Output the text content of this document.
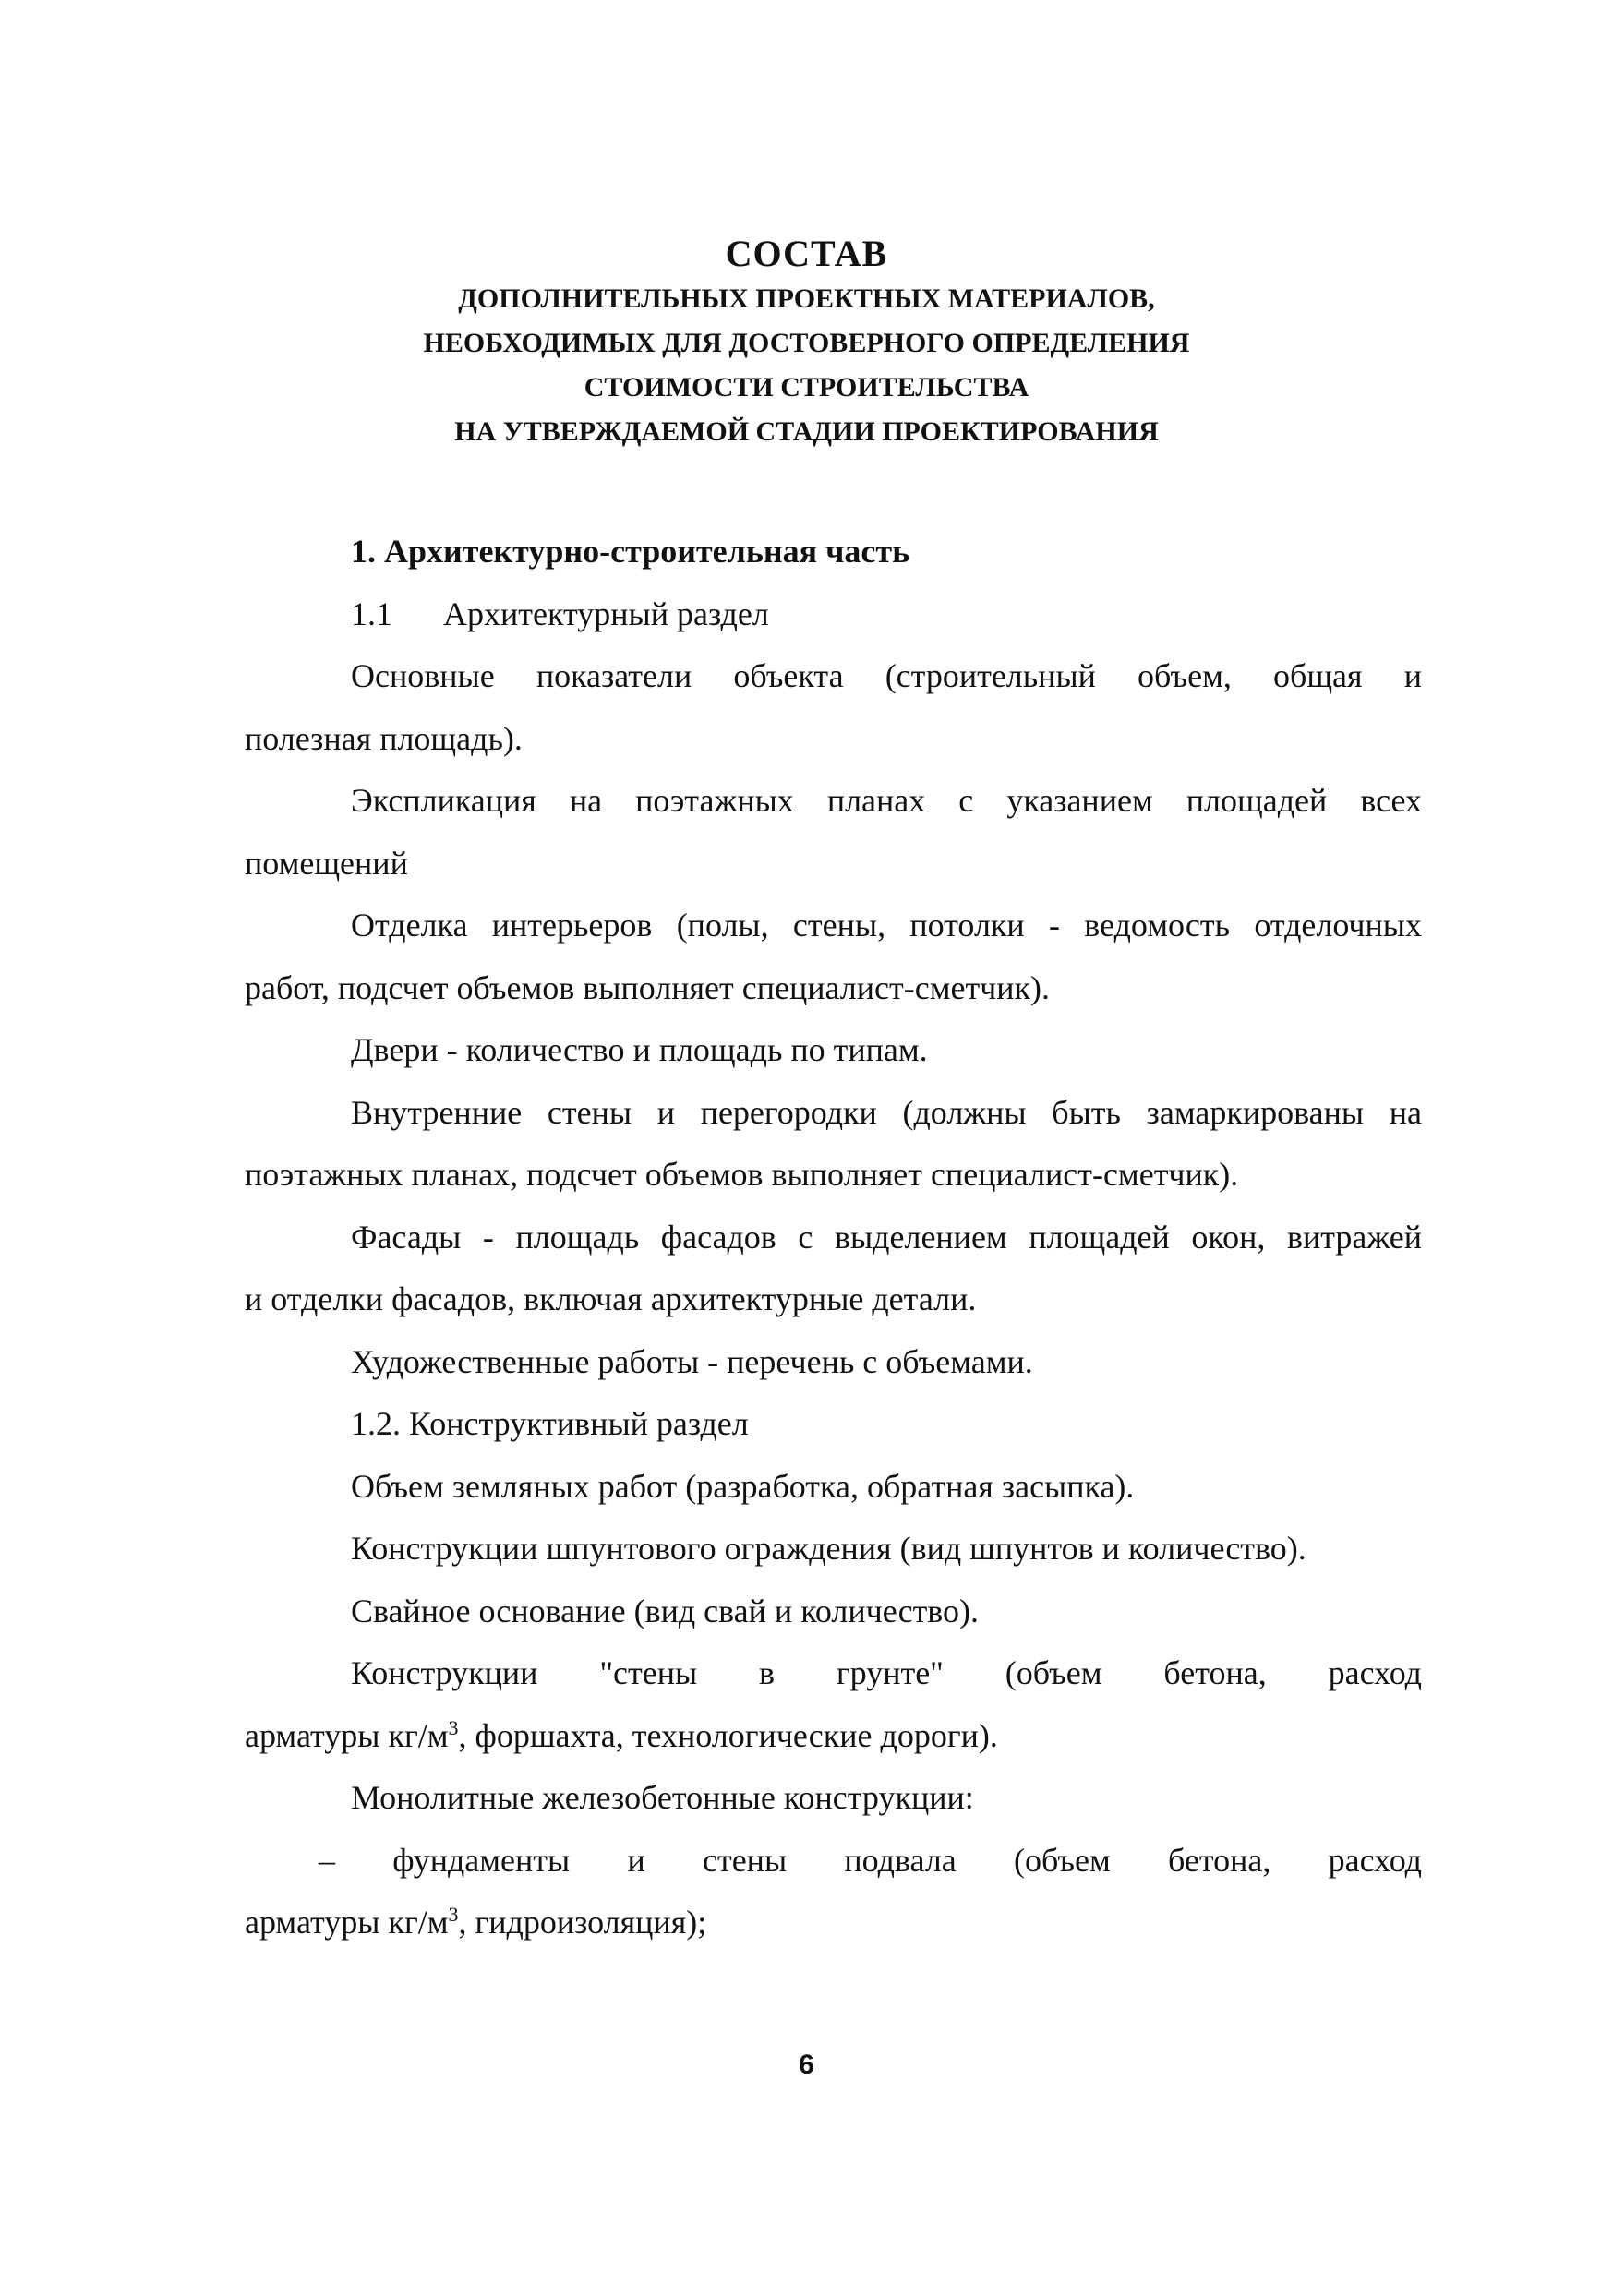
СОСТАВ

ДОПОЛНИТЕЛЬНЫХ ПРОЕКТНЫХ МАТЕРИАЛОВ,

НЕОБХОДИМЫХ ДЛЯ ДОСТОВЕРНОГО ОПРЕДЕЛЕНИЯ

СТОИМОСТИ СТРОИТЕЛЬСТВА

НА УТВЕРЖДАЕМОЙ СТАДИИ ПРОЕКТИРОВАНИЯ

1. Архитектурно-строительная часть
1.1 Архитектурный раздел
Основные показатели объекта (строительный объем, общая и
полезная площадь).
Экспликация на поэтажных планах с указанием площадей всех
помещений
Отделка интерьеров (полы, стены, потолки - ведомость отделочных
работ, подсчет объемов выполняет специалист-сметчик).
Двери - количество и площадь по типам.
Внутренние стены и перегородки (должны быть замаркированы на
поэтажных планах, подсчет объемов выполняет специалист-сметчик).
Фасады - площадь фасадов с выделением площадей окон, витражей
и отделки фасадов, включая архитектурные детали.
Художественные работы - перечень с объемами.
1.2. Конструктивный раздел
Объем земляных работ (разработка, обратная засыпка).
Конструкции шпунтового ограждения (вид шпунтов и количество).
Свайное основание (вид свай и количество).
Конструкции "стены в грунте" (объем бетона, расход
арматуры $кг/м^3$, форшахта, технологические дороги).
Монолитные железобетонные конструкции:
– фундаменты и стены подвала (объем бетона, расход
арматуры $кг/м^3$, гидроизоляция);
6
